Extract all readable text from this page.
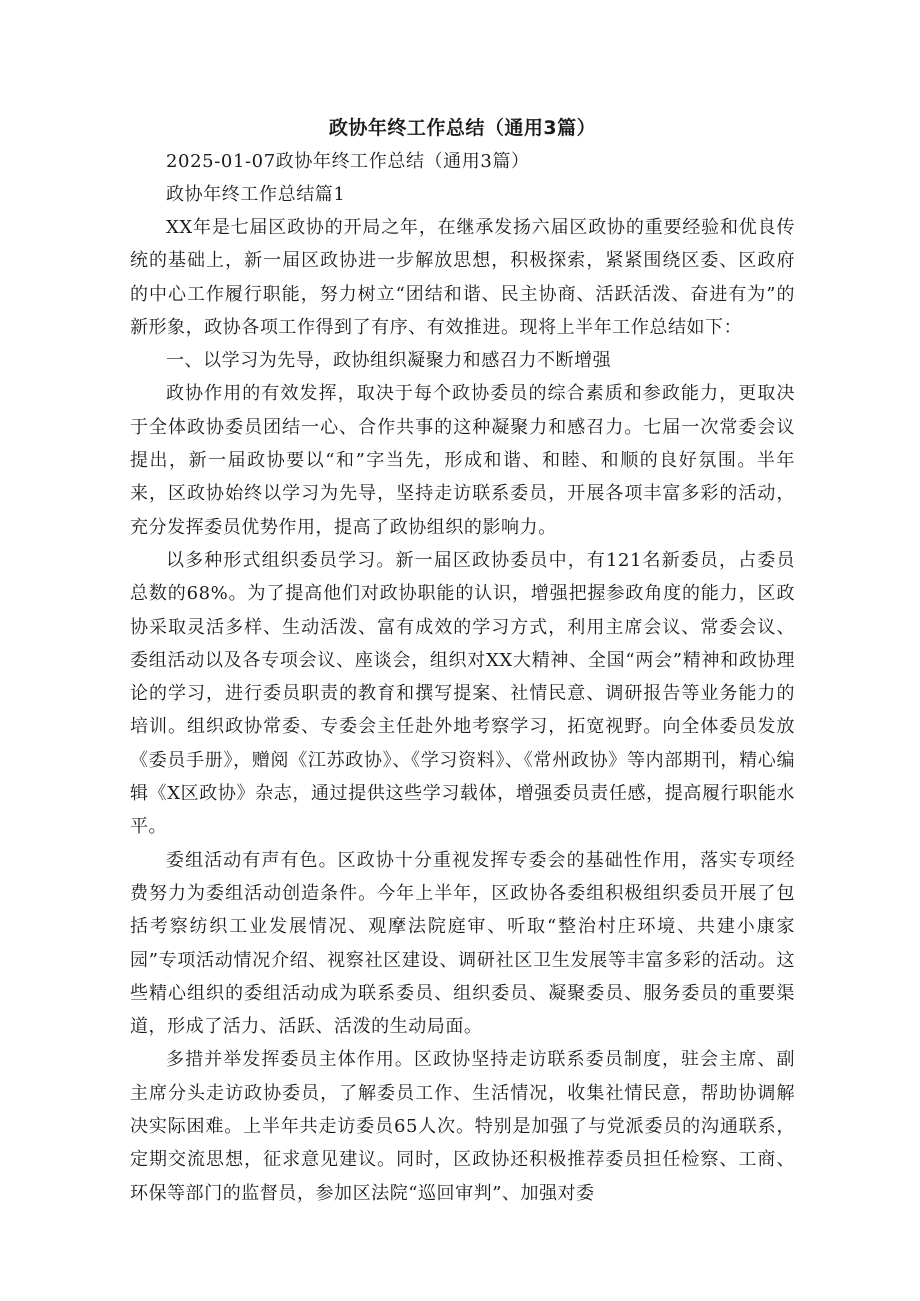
政协年终工作总结（通用3篇）

2025-01-07政协年终工作总结（通用3篇）

政协年终工作总结篇1

XX年是七届区政协的开局之年，在继承发扬六届区政协的重要经验和优良传统的基础上，新一届区政协进一步解放思想，积极探索，紧紧围绕区委、区政府的中心工作履行职能，努力树立“团结和谐、民主协商、活跃活泼、奋进有为”的新形象，政协各项工作得到了有序、有效推进。现将上半年工作总结如下：

一、以学习为先导，政协组织凝聚力和感召力不断增强

政协作用的有效发挥，取决于每个政协委员的综合素质和参政能力，更取决于全体政协委员团结一心、合作共事的这种凝聚力和感召力。七届一次常委会议提出，新一届政协要以“和”字当先，形成和谐、和睦、和顺的良好氛围。半年来，区政协始终以学习为先导，坚持走访联系委员，开展各项丰富多彩的活动，充分发挥委员优势作用，提高了政协组织的影响力。

以多种形式组织委员学习。新一届区政协委员中，有121名新委员，占委员总数的68%。为了提高他们对政协职能的认识，增强把握参政角度的能力，区政协采取灵活多样、生动活泼、富有成效的学习方式，利用主席会议、常委会议、委组活动以及各专项会议、座谈会，组织对XX大精神、全国“两会”精神和政协理论的学习，进行委员职责的教育和撰写提案、社情民意、调研报告等业务能力的培训。组织政协常委、专委会主任赴外地考察学习，拓宽视野。向全体委员发放《委员手册》，赠阅《江苏政协》、《学习资料》、《常州政协》等内部期刊，精心编辑《X区政协》杂志，通过提供这些学习载体，增强委员责任感，提高履行职能水平。

委组活动有声有色。区政协十分重视发挥专委会的基础性作用，落实专项经费努力为委组活动创造条件。今年上半年，区政协各委组积极组织委员开展了包括考察纺织工业发展情况、观摩法院庭审、听取“整治村庄环境、共建小康家园”专项活动情况介绍、视察社区建设、调研社区卫生发展等丰富多彩的活动。这些精心组织的委组活动成为联系委员、组织委员、凝聚委员、服务委员的重要渠道，形成了活力、活跃、活泼的生动局面。

多措并举发挥委员主体作用。区政协坚持走访联系委员制度，驻会主席、副主席分头走访政协委员，了解委员工作、生活情况，收集社情民意，帮助协调解决实际困难。上半年共走访委员65人次。特别是加强了与党派委员的沟通联系，定期交流思想，征求意见建议。同时，区政协还积极推荐委员担任检察、工商、环保等部门的监督员，参加区法院“巡回审判”、加强对委
